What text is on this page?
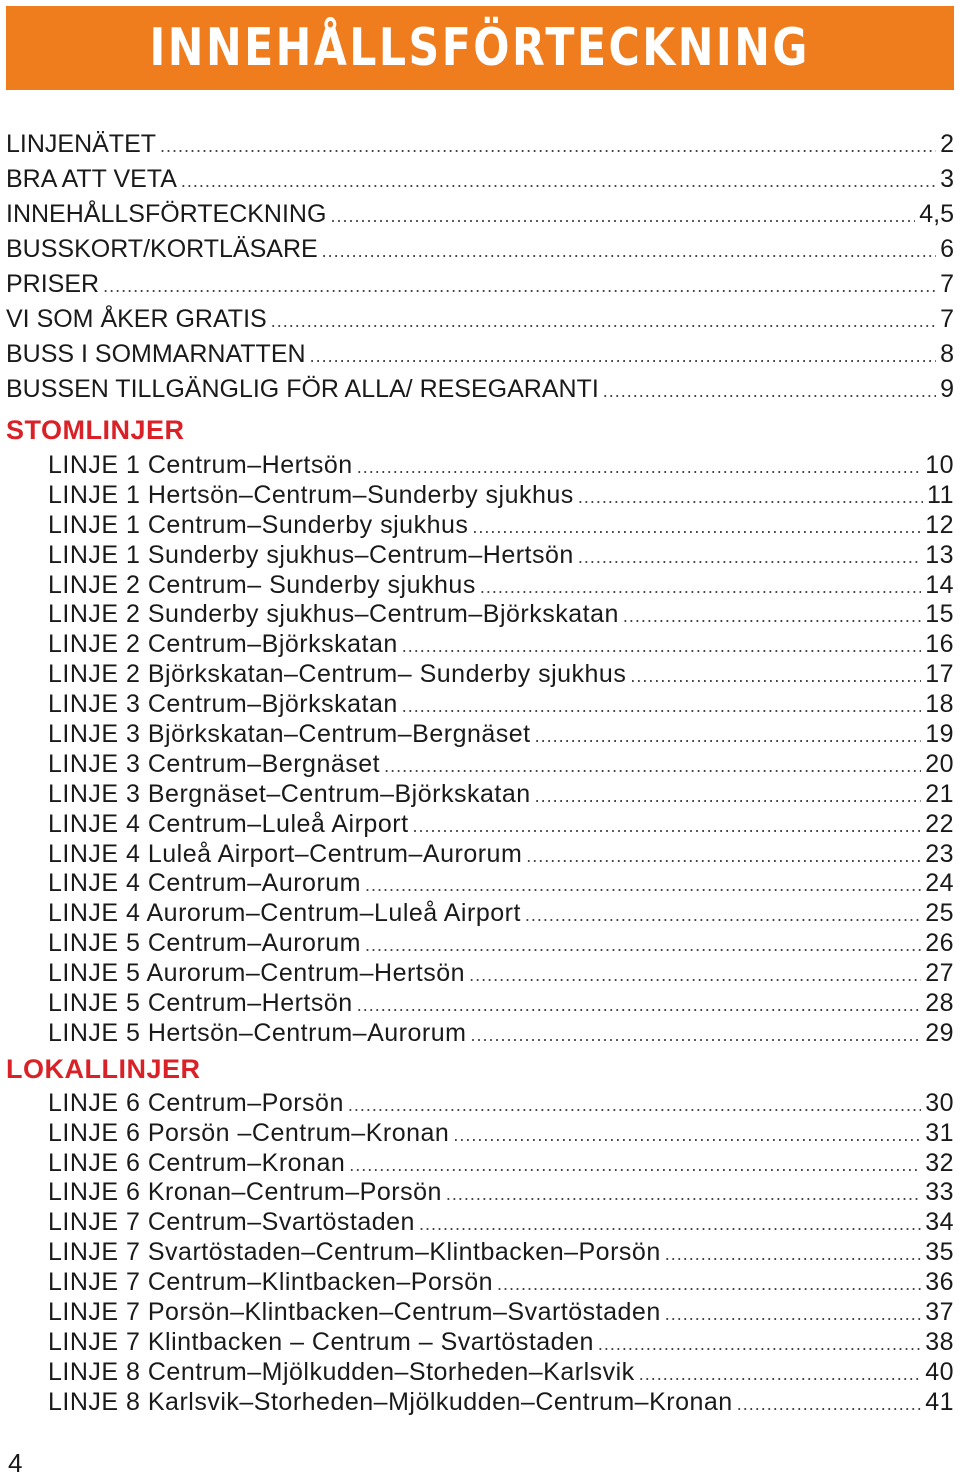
INNEHÅLLSFÖRTECKNING
LINJENÄTET .....	2
BRA ATT VETA .....	3
INNEHÅLLSFÖRTECKNING .....	4,5
BUSSKORT/KORTLÄSARE .....	6
PRISER .....	7
VI SOM ÅKER GRATIS .....	7
BUSS I SOMMARNATTEN .....	8
BUSSEN TILLGÄNGLIG FÖR ALLA/ RESEGARANTI .....	9
STOMLINJER
LINJE 1 Centrum–Hertsön .....	10
LINJE 1 Hertsön–Centrum–Sunderby sjukhus .....	11
LINJE 1 Centrum–Sunderby sjukhus .....	12
LINJE 1 Sunderby sjukhus–Centrum–Hertsön .....	13
LINJE 2 Centrum– Sunderby sjukhus .....	14
LINJE 2 Sunderby sjukhus–Centrum–Björkskatan .....	15
LINJE 2 Centrum–Björkskatan .....	16
LINJE 2 Björkskatan–Centrum– Sunderby sjukhus .....	17
LINJE 3 Centrum–Björkskatan .....	18
LINJE 3 Björkskatan–Centrum–Bergnäset .....	19
LINJE 3 Centrum–Bergnäset .....	20
LINJE 3 Bergnäset–Centrum–Björkskatan .....	21
LINJE 4 Centrum–Luleå Airport .....	22
LINJE 4 Luleå Airport–Centrum–Aurorum .....	23
LINJE 4 Centrum–Aurorum .....	24
LINJE 4 Aurorum–Centrum–Luleå Airport .....	25
LINJE 5 Centrum–Aurorum .....	26
LINJE 5 Aurorum–Centrum–Hertsön .....	27
LINJE 5 Centrum–Hertsön .....	28
LINJE 5 Hertsön–Centrum–Aurorum .....	29
LOKALLINJER
LINJE 6 Centrum–Porsön .....	30
LINJE 6 Porsön –Centrum–Kronan .....	31
LINJE 6 Centrum–Kronan .....	32
LINJE 6 Kronan–Centrum–Porsön .....	33
LINJE 7 Centrum–Svartöstaden .....	34
LINJE 7 Svartöstaden–Centrum–Klintbacken–Porsön .....	35
LINJE 7 Centrum–Klintbacken–Porsön .....	36
LINJE 7 Porsön–Klintbacken–Centrum–Svartöstaden .....	37
LINJE 7 Klintbacken – Centrum – Svartöstaden .....	38
LINJE 8 Centrum–Mjölkudden–Storheden–Karlsvik .....	40
LINJE 8 Karlsvik–Storheden–Mjölkudden–Centrum–Kronan .....	41
4
